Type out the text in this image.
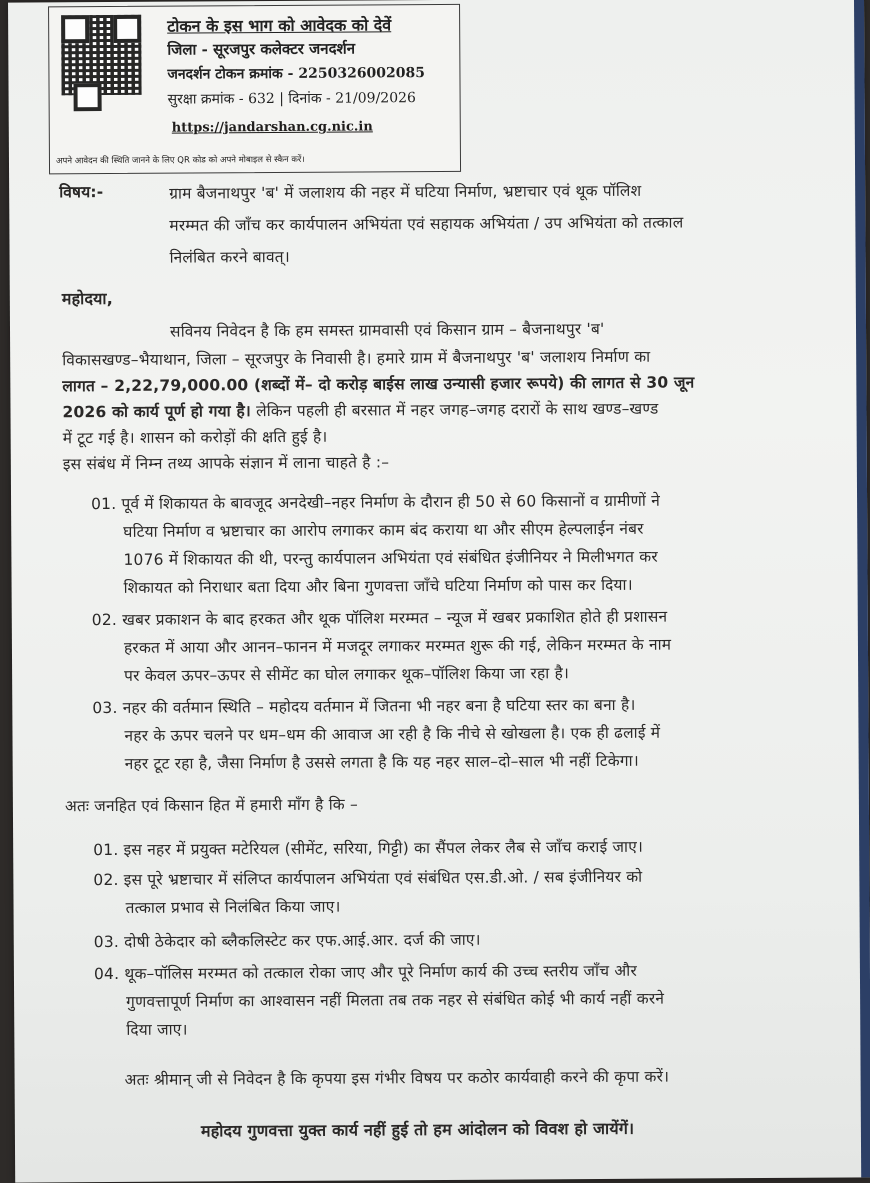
टोकन के इस भाग को आवेदक को देवें
जिला - सूरजपुर कलेक्टर जनदर्शन
जनदर्शन टोकन क्रमांक - 2250326002085
सुरक्षा क्रमांक - 632 | दिनांक - 21/09/2026
https://jandarshan.cg.nic.in
अपने आवेदन की स्थिति जानने के लिए QR कोड को अपने मोबाइल से स्कैन करें।
विषय:-	ग्राम बैजनाथपुर 'ब' में जलाशय की नहर में घटिया निर्माण, भ्रष्टाचार एवं थूक पॉलिश
मरम्मत की जाँच कर कार्यपालन अभियंता एवं सहायक अभियंता / उप अभियंता को तत्काल
निलंबित करने बावत्।
महोदया,
सविनय निवेदन है कि हम समस्त ग्रामवासी एवं किसान ग्राम – बैजनाथपुर 'ब'
विकासखण्ड–भैयाथान, जिला – सूरजपुर के निवासी है। हमारे ग्राम में बैजनाथपुर 'ब' जलाशय निर्माण का
लागत – 2,22,79,000.00 (शब्दों में– दो करोड़ बाईस लाख उन्यासी हजार रूपये) की लागत से 30 जून
2026 को कार्य पूर्ण हो गया है। लेकिन पहली ही बरसात में नहर जगह–जगह दरारों के साथ खण्ड–खण्ड
में टूट गई है। शासन को करोड़ों की क्षति हुई है।
इस संबंध में निम्न तथ्य आपके संज्ञान में लाना चाहते है :–
01. पूर्व में शिकायत के बावजूद अनदेखी–नहर निर्माण के दौरान ही 50 से 60 किसानों व ग्रामीणों ने
घटिया निर्माण व भ्रष्टाचार का आरोप लगाकर काम बंद कराया था और सीएम हेल्पलाईन नंबर
1076 में शिकायत की थी, परन्तु कार्यपालन अभियंता एवं संबंधित इंजीनियर ने मिलीभगत कर
शिकायत को निराधार बता दिया और बिना गुणवत्ता जाँचे घटिया निर्माण को पास कर दिया।
02. खबर प्रकाशन के बाद हरकत और थूक पॉलिश मरम्मत – न्यूज में खबर प्रकाशित होते ही प्रशासन
हरकत में आया और आनन–फानन में मजदूर लगाकर मरम्मत शुरू की गई, लेकिन मरम्मत के नाम
पर केवल ऊपर–ऊपर से सीमेंट का घोल लगाकर थूक–पॉलिश किया जा रहा है।
03. नहर की वर्तमान स्थिति – महोदय वर्तमान में जितना भी नहर बना है घटिया स्तर का बना है।
नहर के ऊपर चलने पर धम–धम की आवाज आ रही है कि नीचे से खोखला है। एक ही ढलाई में
नहर टूट रहा है, जैसा निर्माण है उससे लगता है कि यह नहर साल–दो–साल भी नहीं टिकेगा।
अतः जनहित एवं किसान हित में हमारी माँग है कि –
01. इस नहर में प्रयुक्त मटेरियल (सीमेंट, सरिया, गिट्टी) का सैंपल लेकर लैब से जाँच कराई जाए।
02. इस पूरे भ्रष्टाचार में संलिप्त कार्यपालन अभियंता एवं संबंधित एस.डी.ओ. / सब इंजीनियर को
तत्काल प्रभाव से निलंबित किया जाए।
03. दोषी ठेकेदार को ब्लैकलिस्टेट कर एफ.आई.आर. दर्ज की जाए।
04. थूक–पॉलिस मरम्मत को तत्काल रोका जाए और पूरे निर्माण कार्य की उच्च स्तरीय जाँच और
गुणवत्तापूर्ण निर्माण का आश्वासन नहीं मिलता तब तक नहर से संबंधित कोई भी कार्य नहीं करने
दिया जाए।
अतः श्रीमान् जी से निवेदन है कि कृपया इस गंभीर विषय पर कठोर कार्यवाही करने की कृपा करें।
महोदय गुणवत्ता युक्त कार्य नहीं हुई तो हम आंदोलन को विवश हो जायेंगें।
